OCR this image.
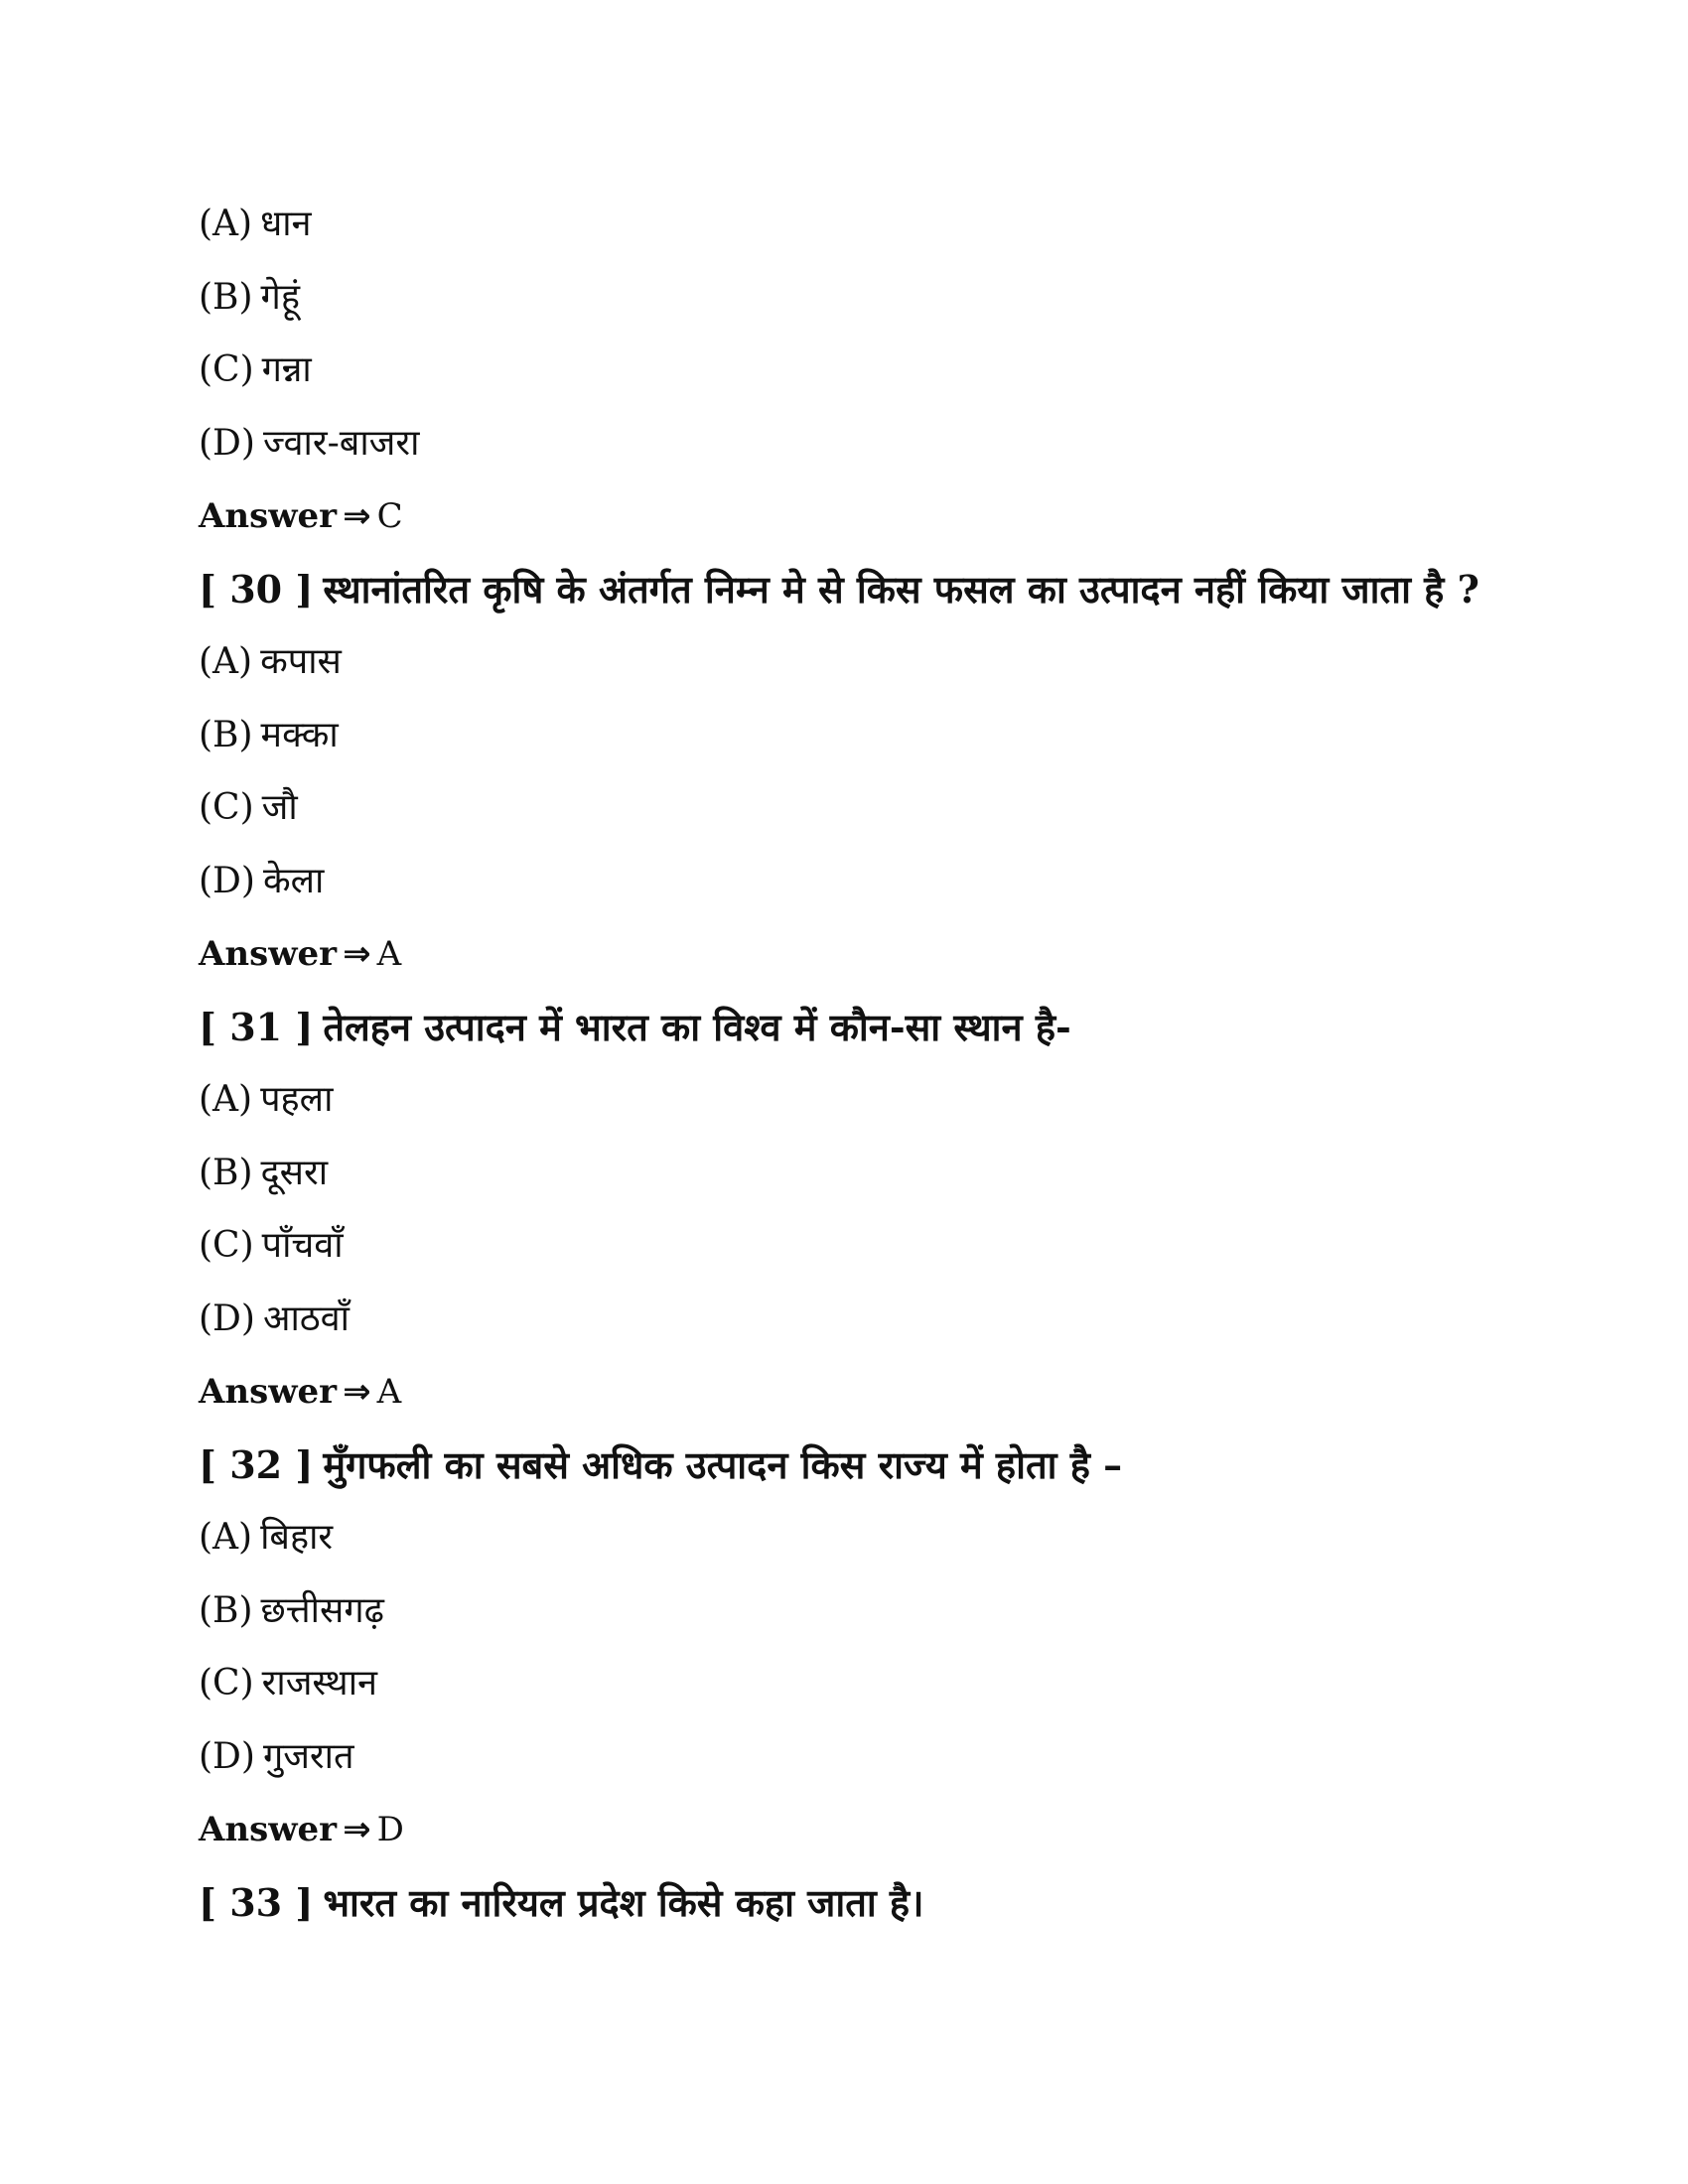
(A) धान
(B) गेहूं
(C) गन्ना
(D) ज्वार-बाजरा
Answer ⇒ C
[ 30 ] स्थानांतरित कृषि के अंतर्गत निम्न मे से किस फसल का उत्पादन नहीं किया जाता है ?
(A) कपास
(B) मक्का
(C) जौ
(D) केला
Answer ⇒ A
[ 31 ] तेलहन उत्पादन में भारत का विश्व में कौन-सा स्थान है-
(A) पहला
(B) दूसरा
(C) पाँचवाँ
(D) आठवाँ
Answer ⇒ A
[ 32 ] मुँगफली का सबसे अधिक उत्पादन किस राज्य में होता है –
(A) बिहार
(B) छत्तीसगढ़
(C) राजस्थान
(D) गुजरात
Answer ⇒ D
[ 33 ] भारत का नारियल प्रदेश किसे कहा जाता है।
